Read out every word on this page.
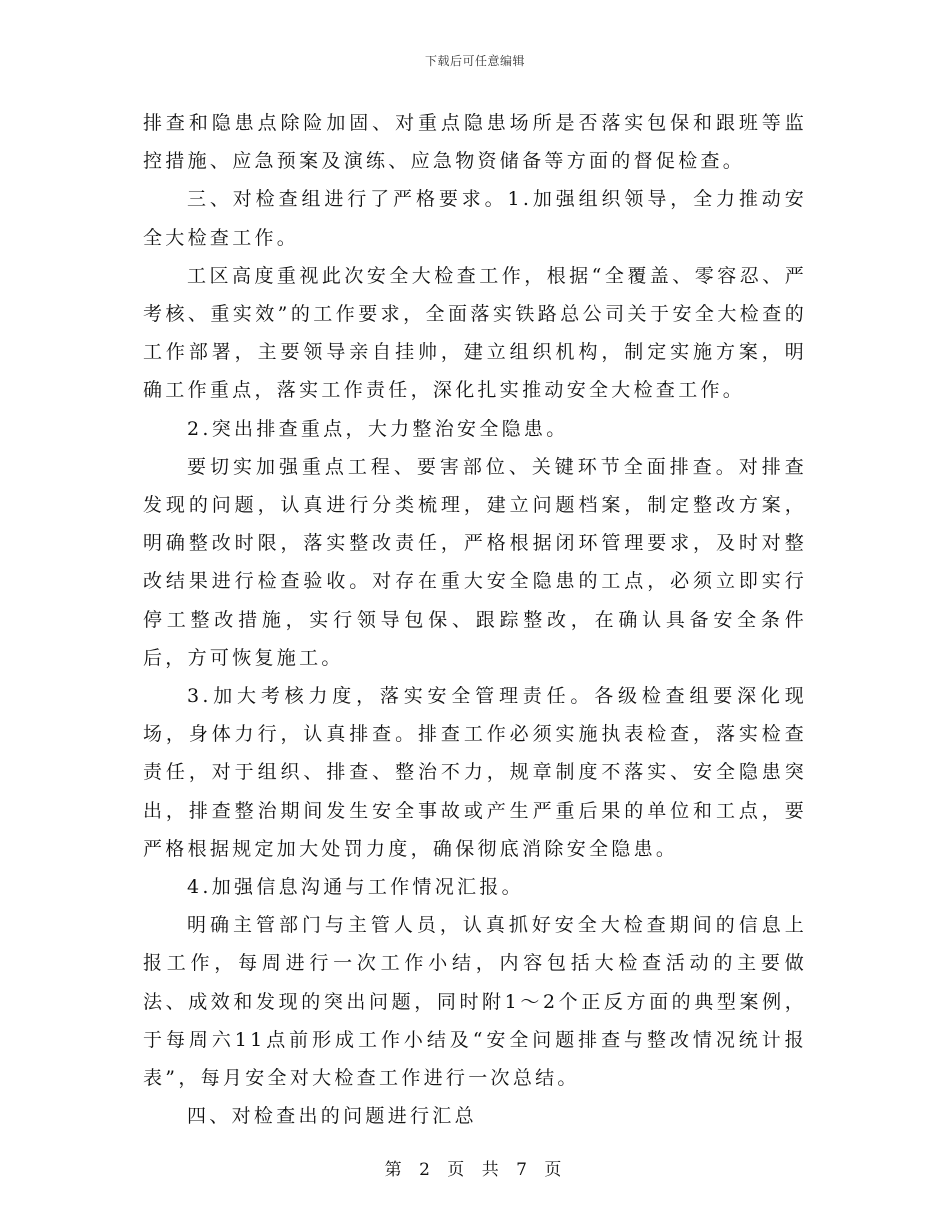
下载后可任意编辑

排查和隐患点除险加固、对重点隐患场所是否落实包保和跟班等监控措施、应急预案及演练、应急物资储备等方面的督促检查。

三、对检查组进行了严格要求。1.加强组织领导，全力推动安全大检查工作。

工区高度重视此次安全大检查工作，根据“全覆盖、零容忍、严考核、重实效”的工作要求，全面落实铁路总公司关于安全大检查的工作部署，主要领导亲自挂帅，建立组织机构，制定实施方案，明确工作重点，落实工作责任，深化扎实推动安全大检查工作。

2.突出排查重点，大力整治安全隐患。

要切实加强重点工程、要害部位、关键环节全面排查。对排查发现的问题，认真进行分类梳理，建立问题档案，制定整改方案，明确整改时限，落实整改责任，严格根据闭环管理要求，及时对整改结果进行检查验收。对存在重大安全隐患的工点，必须立即实行停工整改措施，实行领导包保、跟踪整改，在确认具备安全条件后，方可恢复施工。

3.加大考核力度，落实安全管理责任。各级检查组要深化现场，身体力行，认真排查。排查工作必须实施执表检查，落实检查责任，对于组织、排查、整治不力，规章制度不落实、安全隐患突出，排查整治期间发生安全事故或产生严重后果的单位和工点，要严格根据规定加大处罚力度，确保彻底消除安全隐患。

4.加强信息沟通与工作情况汇报。

明确主管部门与主管人员，认真抓好安全大检查期间的信息上报工作，每周进行一次工作小结，内容包括大检查活动的主要做法、成效和发现的突出问题，同时附1～2个正反方面的典型案例，于每周六11点前形成工作小结及“安全问题排查与整改情况统计报表”，每月安全对大检查工作进行一次总结。

四、对检查出的问题进行汇总

第 2 页 共 7 页
